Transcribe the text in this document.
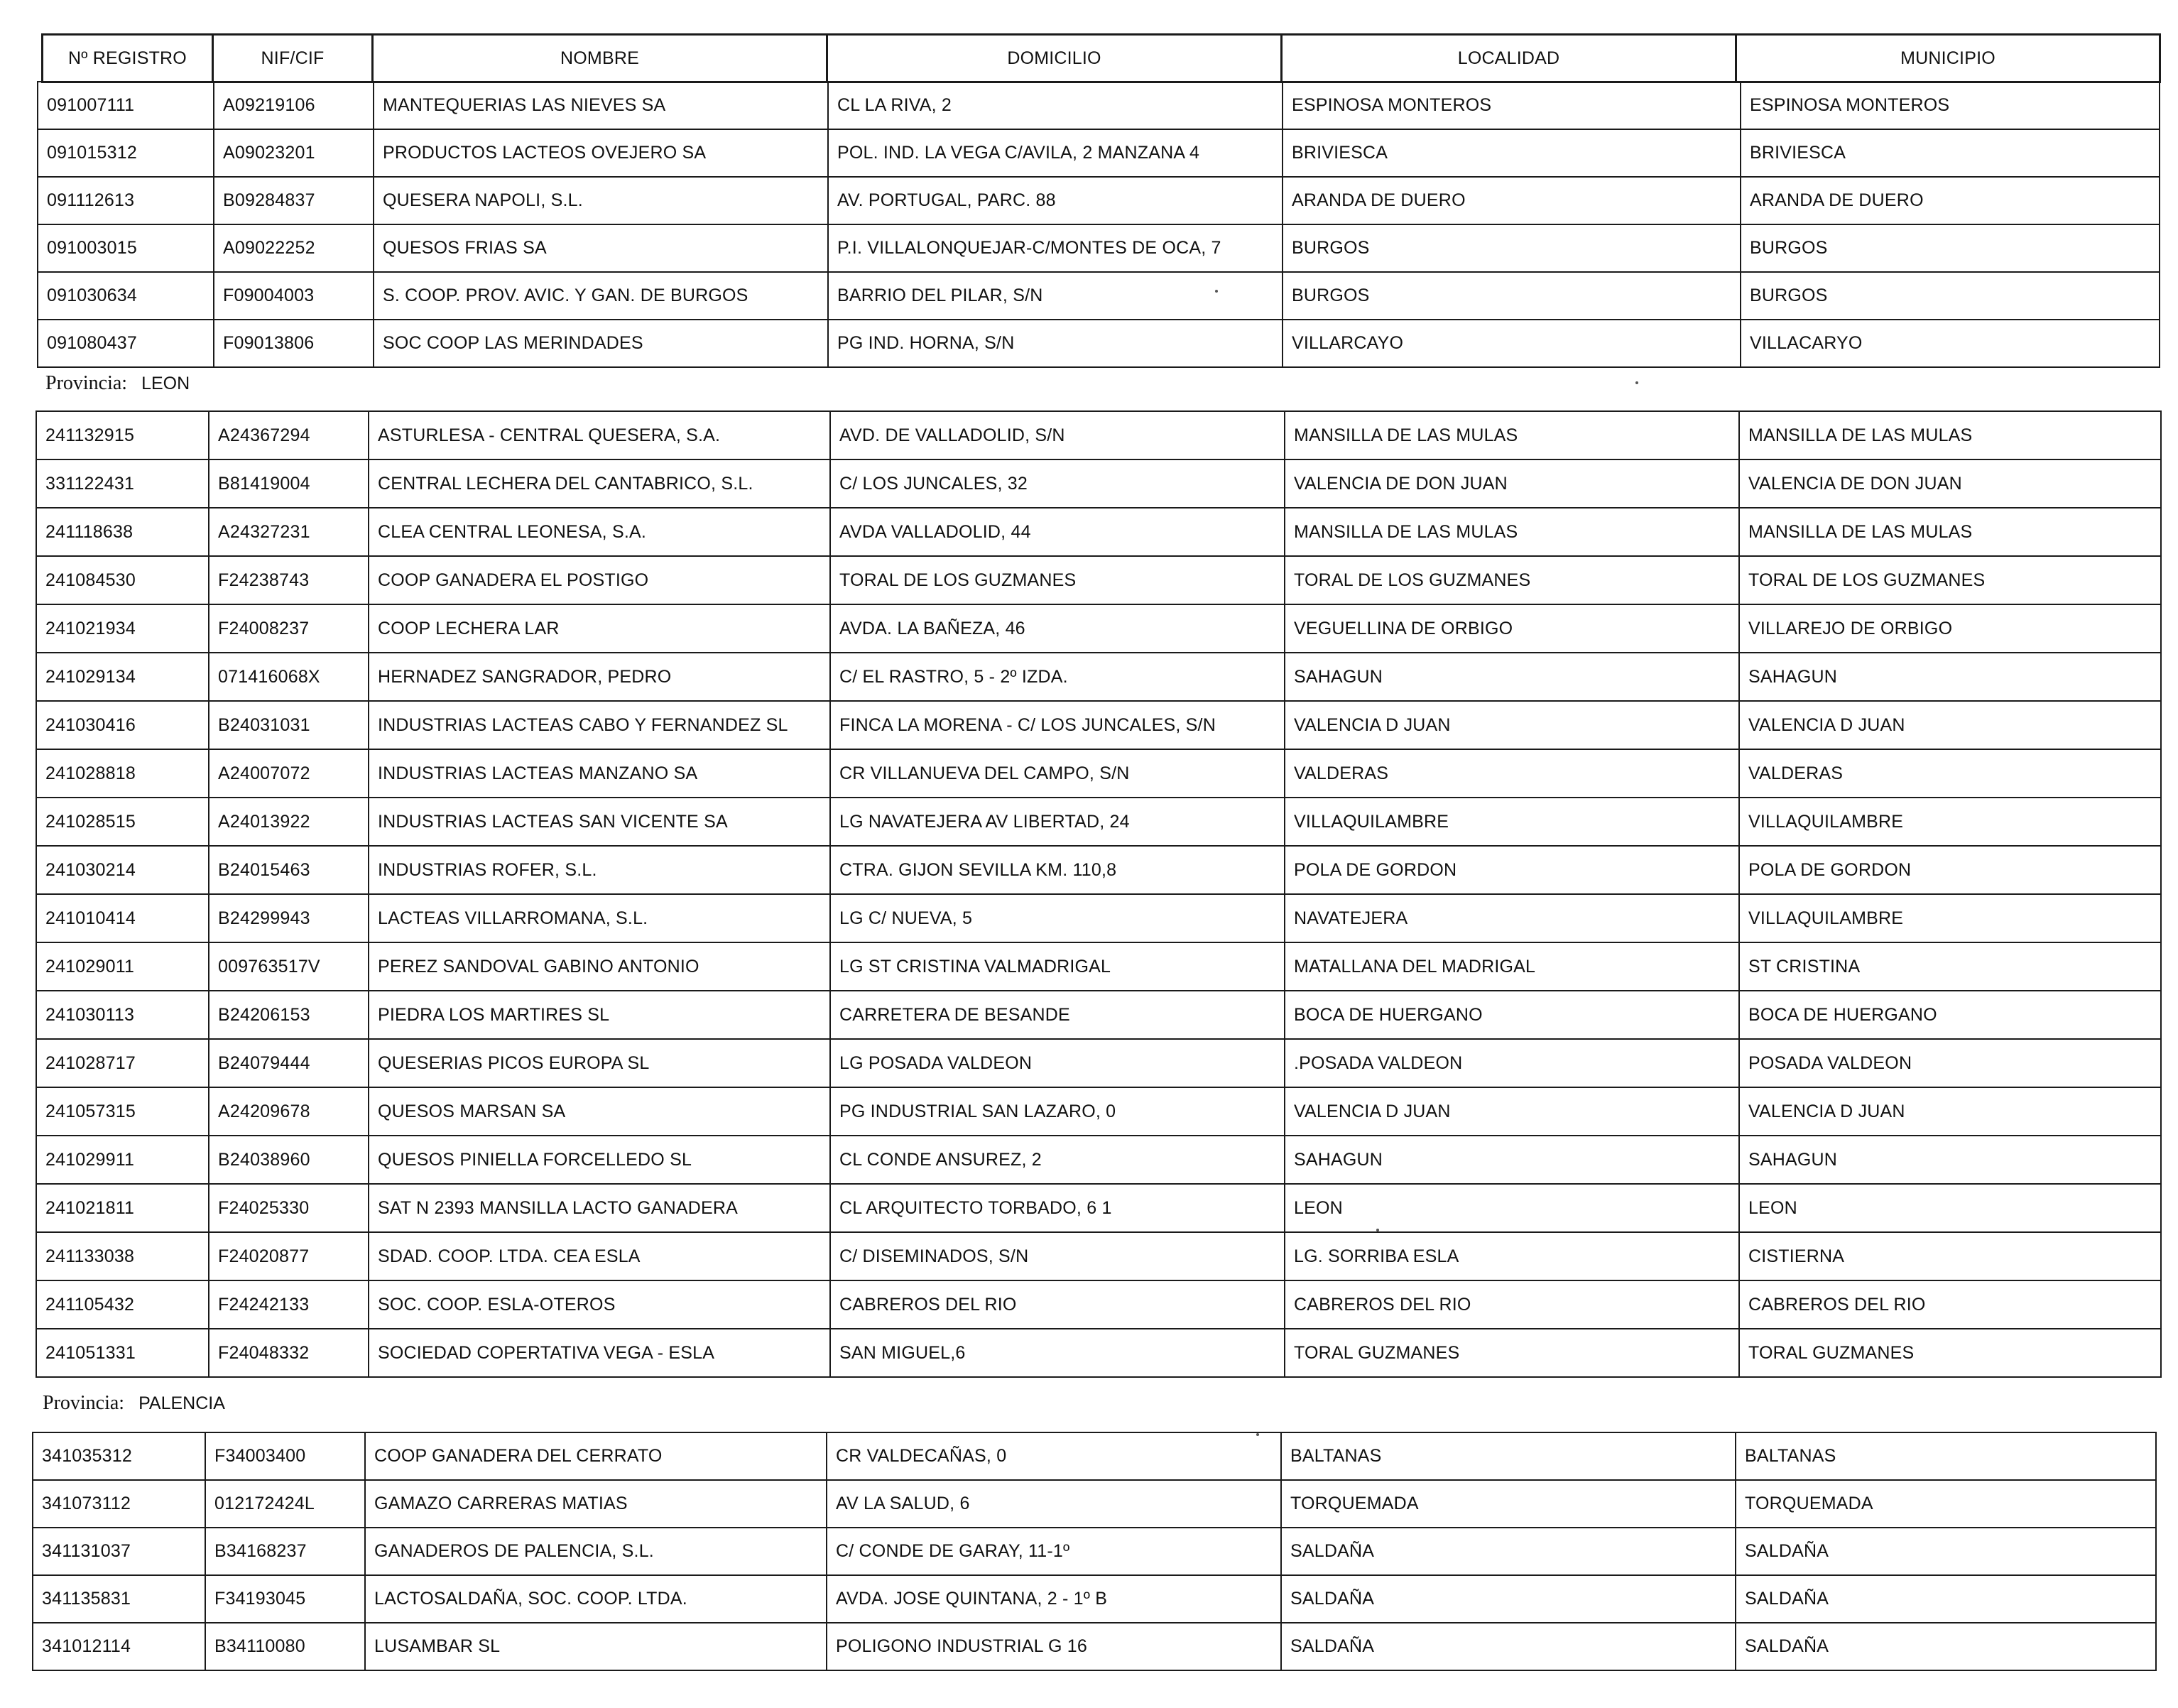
Nº REGISTRO	NIF/CIF	NOMBRE	DOMICILIO	LOCALIDAD	MUNICIPIO
091007111	A09219106	MANTEQUERIAS LAS NIEVES SA	CL LA RIVA, 2	ESPINOSA MONTEROS	ESPINOSA MONTEROS
091015312	A09023201	PRODUCTOS LACTEOS OVEJERO SA	POL. IND. LA VEGA C/AVILA, 2 MANZANA 4	BRIVIESCA	BRIVIESCA
091112613	B09284837	QUESERA NAPOLI, S.L.	AV. PORTUGAL, PARC. 88	ARANDA DE DUERO	ARANDA DE DUERO
091003015	A09022252	QUESOS FRIAS SA	P.I. VILLALONQUEJAR-C/MONTES DE OCA, 7	BURGOS	BURGOS
091030634	F09004003	S. COOP. PROV. AVIC. Y GAN. DE BURGOS	BARRIO DEL PILAR, S/N	BURGOS	BURGOS
091080437	F09013806	SOC COOP LAS MERINDADES	PG IND. HORNA, S/N	VILLARCAYO	VILLACARYO
Provincia: LEON
241132915	A24367294	ASTURLESA - CENTRAL QUESERA, S.A.	AVD. DE VALLADOLID, S/N	MANSILLA DE LAS MULAS	MANSILLA DE LAS MULAS
331122431	B81419004	CENTRAL LECHERA DEL CANTABRICO, S.L.	C/ LOS JUNCALES, 32	VALENCIA DE DON JUAN	VALENCIA DE DON JUAN
241118638	A24327231	CLEA CENTRAL LEONESA, S.A.	AVDA VALLADOLID, 44	MANSILLA DE LAS MULAS	MANSILLA DE LAS MULAS
241084530	F24238743	COOP GANADERA EL POSTIGO	TORAL DE LOS GUZMANES	TORAL DE LOS GUZMANES	TORAL DE LOS GUZMANES
241021934	F24008237	COOP LECHERA LAR	AVDA. LA BAÑEZA, 46	VEGUELLINA DE ORBIGO	VILLAREJO DE ORBIGO
241029134	071416068X	HERNADEZ SANGRADOR, PEDRO	C/ EL RASTRO, 5 - 2º IZDA.	SAHAGUN	SAHAGUN
241030416	B24031031	INDUSTRIAS LACTEAS CABO Y FERNANDEZ SL	FINCA LA MORENA - C/ LOS JUNCALES, S/N	VALENCIA D JUAN	VALENCIA D JUAN
241028818	A24007072	INDUSTRIAS LACTEAS MANZANO SA	CR VILLANUEVA DEL CAMPO, S/N	VALDERAS	VALDERAS
241028515	A24013922	INDUSTRIAS LACTEAS SAN VICENTE SA	LG NAVATEJERA AV LIBERTAD, 24	VILLAQUILAMBRE	VILLAQUILAMBRE
241030214	B24015463	INDUSTRIAS ROFER, S.L.	CTRA. GIJON SEVILLA KM. 110,8	POLA DE GORDON	POLA DE GORDON
241010414	B24299943	LACTEAS VILLARROMANA, S.L.	LG C/ NUEVA, 5	NAVATEJERA	VILLAQUILAMBRE
241029011	009763517V	PEREZ SANDOVAL GABINO ANTONIO	LG ST CRISTINA VALMADRIGAL	MATALLANA DEL MADRIGAL	ST CRISTINA
241030113	B24206153	PIEDRA LOS MARTIRES SL	CARRETERA DE BESANDE	BOCA DE HUERGANO	BOCA DE HUERGANO
241028717	B24079444	QUESERIAS PICOS EUROPA SL	LG POSADA VALDEON	.POSADA VALDEON	POSADA VALDEON
241057315	A24209678	QUESOS MARSAN SA	PG INDUSTRIAL SAN LAZARO, 0	VALENCIA D JUAN	VALENCIA D JUAN
241029911	B24038960	QUESOS PINIELLA FORCELLEDO SL	CL CONDE ANSUREZ, 2	SAHAGUN	SAHAGUN
241021811	F24025330	SAT N 2393 MANSILLA LACTO GANADERA	CL ARQUITECTO TORBADO, 6 1	LEON	LEON
241133038	F24020877	SDAD. COOP. LTDA. CEA ESLA	C/ DISEMINADOS, S/N	LG. SORRIBA ESLA	CISTIERNA
241105432	F24242133	SOC. COOP. ESLA-OTEROS	CABREROS DEL RIO	CABREROS DEL RIO	CABREROS DEL RIO
241051331	F24048332	SOCIEDAD COPERTATIVA VEGA - ESLA	SAN MIGUEL,6	TORAL GUZMANES	TORAL GUZMANES
Provincia: PALENCIA
341035312	F34003400	COOP GANADERA DEL CERRATO	CR VALDECAÑAS, 0	BALTANAS	BALTANAS
341073112	012172424L	GAMAZO CARRERAS MATIAS	AV LA SALUD, 6	TORQUEMADA	TORQUEMADA
341131037	B34168237	GANADEROS DE PALENCIA, S.L.	C/ CONDE DE GARAY, 11-1º	SALDAÑA	SALDAÑA
341135831	F34193045	LACTOSALDAÑA, SOC. COOP. LTDA.	AVDA. JOSE QUINTANA, 2 - 1º B	SALDAÑA	SALDAÑA
341012114	B34110080	LUSAMBAR SL	POLIGONO INDUSTRIAL G 16	SALDAÑA	SALDAÑA
